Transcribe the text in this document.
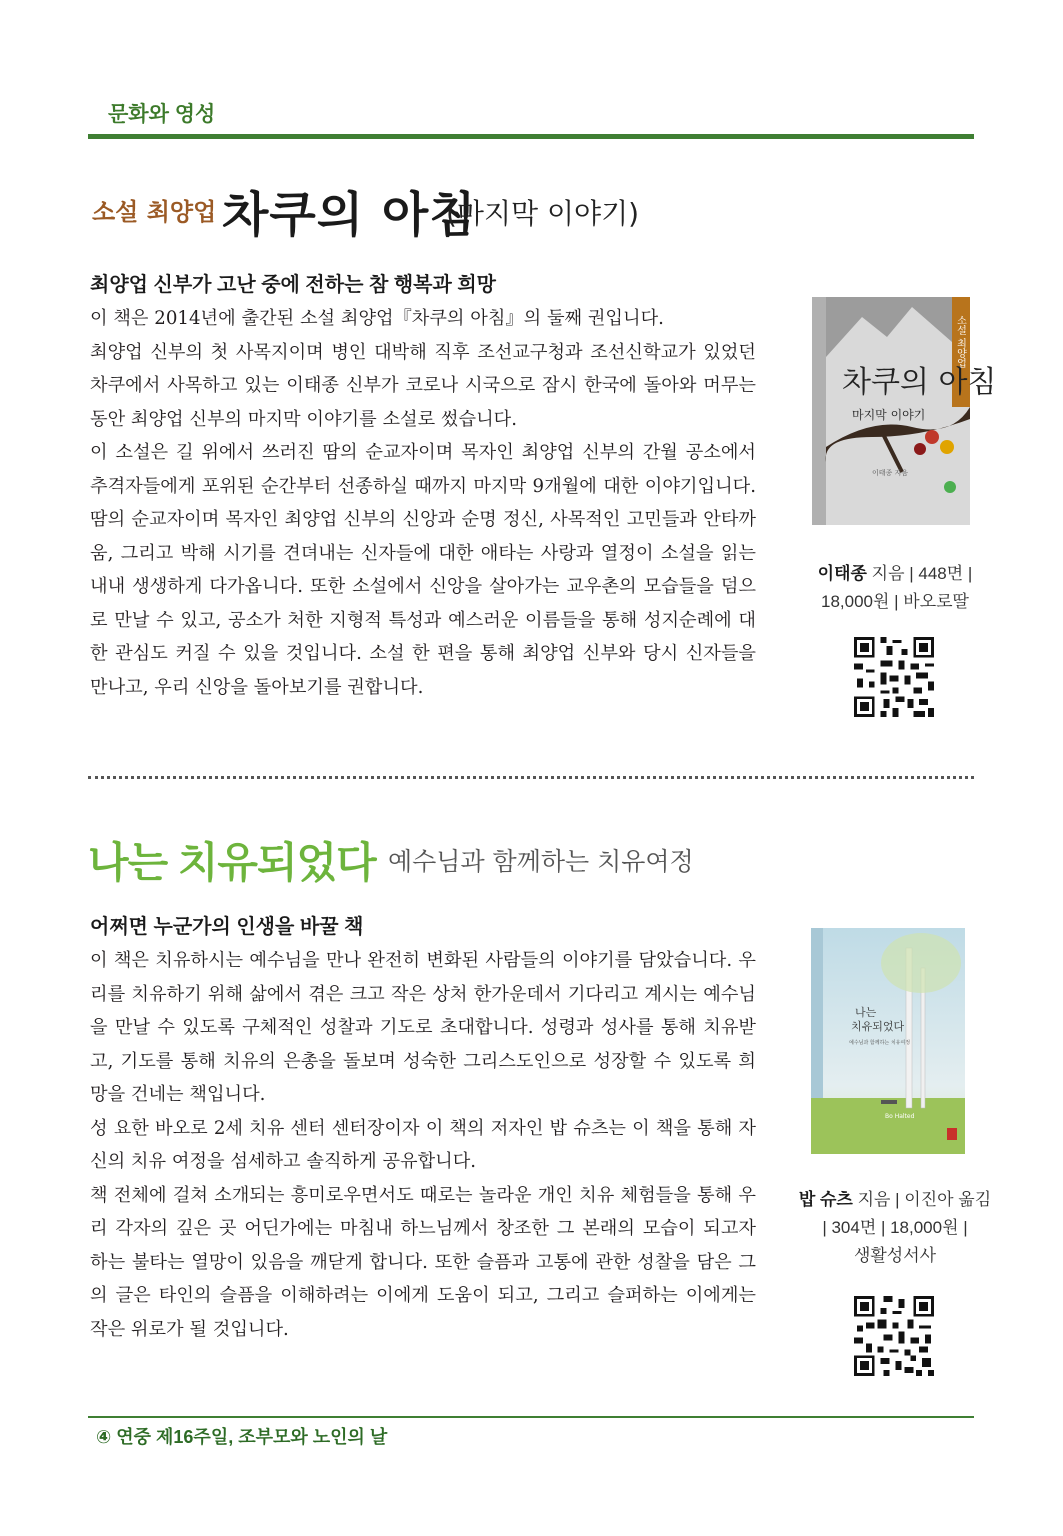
문화와 영성
소설 최양업 차쿠의 아침
(마지막 이야기)
최양업 신부가 고난 중에 전하는 참 행복과 희망

이 책은 2014년에 출간된 소설 최양업『차쿠의 아침』의 둘째 권입니다.

최양업 신부의 첫 사목지이며 병인 대박해 직후 조선교구청과 조선신학교가 있었던 차쿠에서 사목하고 있는 이태종 신부가 코로나 시국으로 잠시 한국에 돌아와 머무는 동안 최양업 신부의 마지막 이야기를 소설로 썼습니다.

이 소설은 길 위에서 쓰러진 땀의 순교자이며 목자인 최양업 신부의 간월 공소에서 추격자들에게 포위된 순간부터 선종하실 때까지 마지막 9개월에 대한 이야기입니다. 땀의 순교자이며 목자인 최양업 신부의 신앙과 순명 정신, 사목적인 고민들과 안타까움, 그리고 박해 시기를 견뎌내는 신자들에 대한 애타는 사랑과 열정이 소설을 읽는 내내 생생하게 다가옵니다. 또한 소설에서 신앙을 살아가는 교우촌의 모습들을 덤으로 만날 수 있고, 공소가 처한 지형적 특성과 예스러운 이름들을 통해 성지순례에 대한 관심도 커질 수 있을 것입니다. 소설 한 편을 통해 최양업 신부와 당시 신자들을 만나고, 우리 신앙을 돌아보기를 권합니다.

차쿠의 아침
마지막 이야기
소설 최양업
이태종 지음
이태종 지음 | 448면 |
18,000원 | 바오로딸
나는 치유되었다 예수님과 함께하는 치유여정
어쩌면 누군가의 인생을 바꿀 책

이 책은 치유하시는 예수님을 만나 완전히 변화된 사람들의 이야기를 담았습니다. 우리를 치유하기 위해 삶에서 겪은 크고 작은 상처 한가운데서 기다리고 계시는 예수님을 만날 수 있도록 구체적인 성찰과 기도로 초대합니다. 성령과 성사를 통해 치유받고, 기도를 통해 치유의 은총을 돌보며 성숙한 그리스도인으로 성장할 수 있도록 희망을 건네는 책입니다.

성 요한 바오로 2세 치유 센터 센터장이자 이 책의 저자인 밥 슈츠는 이 책을 통해 자신의 치유 여정을 섬세하고 솔직하게 공유합니다.

책 전체에 걸쳐 소개되는 흥미로우면서도 때로는 놀라운 개인 치유 체험들을 통해 우리 각자의 깊은 곳 어딘가에는 마침내 하느님께서 창조한 그 본래의 모습이 되고자 하는 불타는 열망이 있음을 깨닫게 합니다. 또한 슬픔과 고통에 관한 성찰을 담은 그의 글은 타인의 슬픔을 이해하려는 이에게 도움이 되고, 그리고 슬퍼하는 이에게는 작은 위로가 될 것입니다.

나는
치유되었다
예수님과 함께하는 치유여정
Bo Halted
밥 슈츠 지음 | 이진아 옮김
| 304면 | 18,000원 |
생활성서사
④ 연중 제16주일, 조부모와 노인의 날
